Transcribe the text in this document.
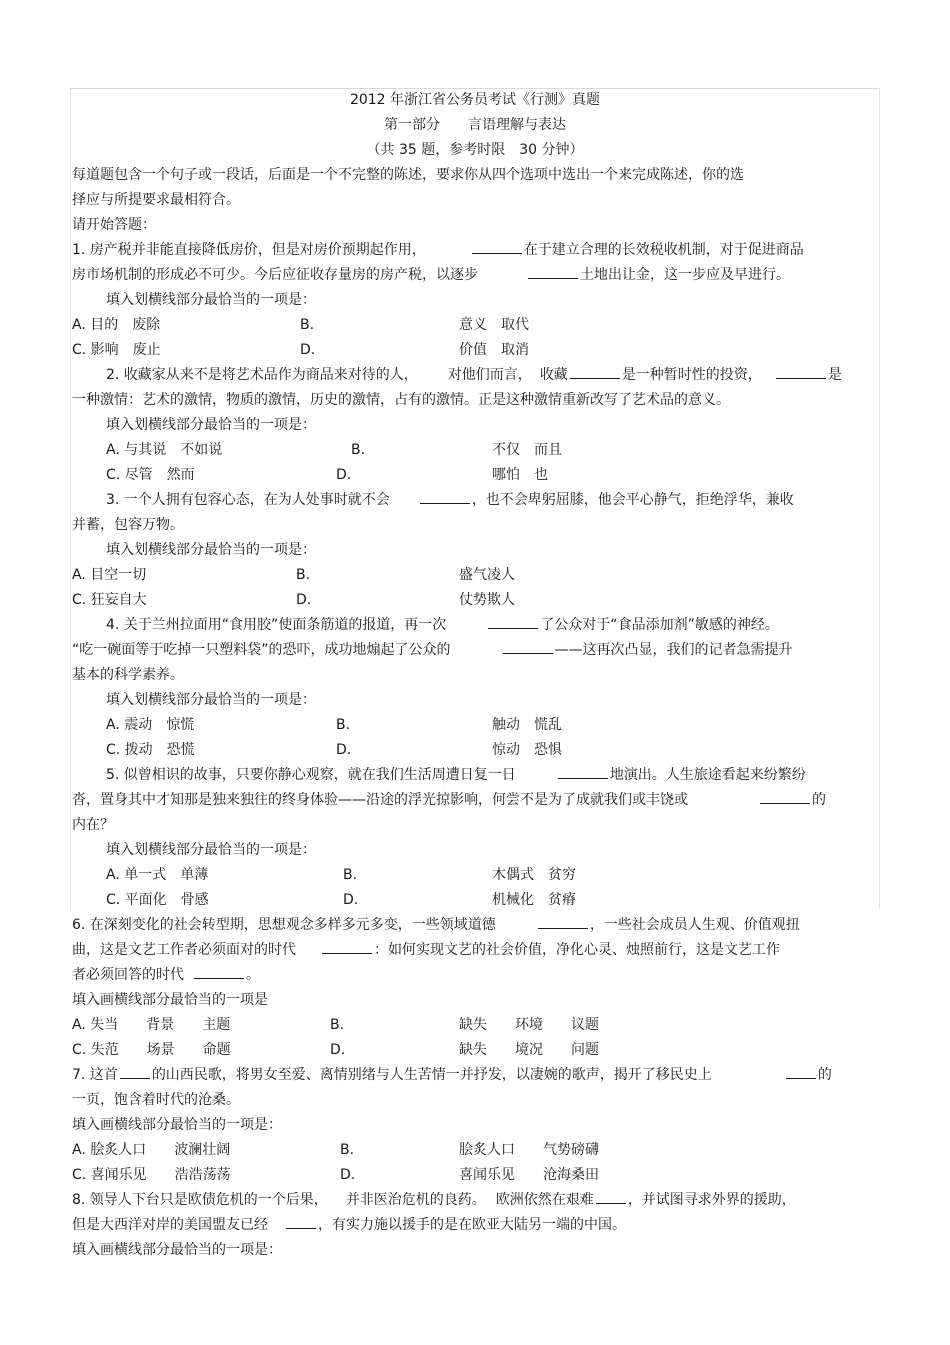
2012 年浙江省公务员考试《行测》真题
第一部分　　言语理解与表达
（共 35 题，参考时限　30 分钟）
每道题包含一个句子或一段话，后面是一个不完整的陈述，要求你从四个选项中选出一个来完成陈述，你的选
择应与所提要求最相符合。
请开始答题：
1. 房产税并非能直接降低房价，但是对房价预期起作用，	在于建立合理的长效税收机制，对于促进商品
房市场机制的形成必不可少。今后应征收存量房的房产税，以逐步	土地出让金，这一步应及早进行。
填入划横线部分最恰当的一项是：
A. 目的　废除	B.	意义　取代
C. 影响　废止	D.	价值　取消
2. 收藏家从来不是将艺术品作为商品来对待的人， 对他们而言， 收藏	是一种暂时性的投资，	是
一种激情：艺术的激情，物质的激情，历史的激情，占有的激情。正是这种激情重新改写了艺术品的意义。
填入划横线部分最恰当的一项是：
A. 与其说　不如说	B.	不仅　而且
C. 尽管　然而	D.	哪怕　也
3. 一个人拥有包容心态，在为人处事时就不会	，也不会卑躬屈膝，他会平心静气，拒绝浮华，兼收
并蓄，包容万物。
填入划横线部分最恰当的一项是：
A. 目空一切	B.	盛气凌人
C. 狂妄自大	D.	仗势欺人
4. 关于兰州拉面用“食用胶”使面条筋道的报道，再一次	了公众对于“食品添加剂”敏感的神经。
“吃一碗面等于吃掉一只塑料袋”的恐吓，成功地煽起了公众的	——这再次凸显，我们的记者急需提升
基本的科学素养。
填入划横线部分最恰当的一项是：
A. 震动　惊慌	B.	触动　慌乱
C. 拨动　恐慌	D.	惊动　恐惧
5. 似曾相识的故事，只要你静心观察，就在我们生活周遭日复一日	地演出。人生旅途看起来纷繁纷
沓，置身其中才知那是独来独往的终身体验——沿途的浮光掠影响，何尝不是为了成就我们或丰饶或	的
内在？
填入划横线部分最恰当的一项是：
A. 单一式　单薄	B.	木偶式　贫穷
C. 平面化　骨感	D.	机械化　贫瘠
6. 在深刻变化的社会转型期，思想观念多样多元多变，一些领域道德	，一些社会成员人生观、价值观扭
曲，这是文艺工作者必须面对的时代	：如何实现文艺的社会价值，净化心灵、烛照前行，这是文艺工作
者必须回答的时代	。
填入画横线部分最恰当的一项是
A. 失当　　背景　　主题	B.	缺失　　环境　　议题
C. 失范　　场景　　命题	D.	缺失　　境况　　问题
7. 这首 的山西民歌，将男女至爱、离情别绪与人生苦情一并抒发，以凄婉的歌声，揭开了移民史上	的
一页，饱含着时代的沧桑。
填入画横线部分最恰当的一项是：
A. 脍炙人口　　波澜壮阔	B.	脍炙人口　　气势磅礴
C. 喜闻乐见　　浩浩荡荡	D.	喜闻乐见　　沧海桑田
8. 领导人下台只是欧债危机的一个后果， 并非医治危机的良药。 欧洲依然在艰难 ，并试图寻求外界的援助，
但是大西洋对岸的美国盟友已经	，有实力施以援手的是在欧亚大陆另一端的中国。
填入画横线部分最恰当的一项是：
